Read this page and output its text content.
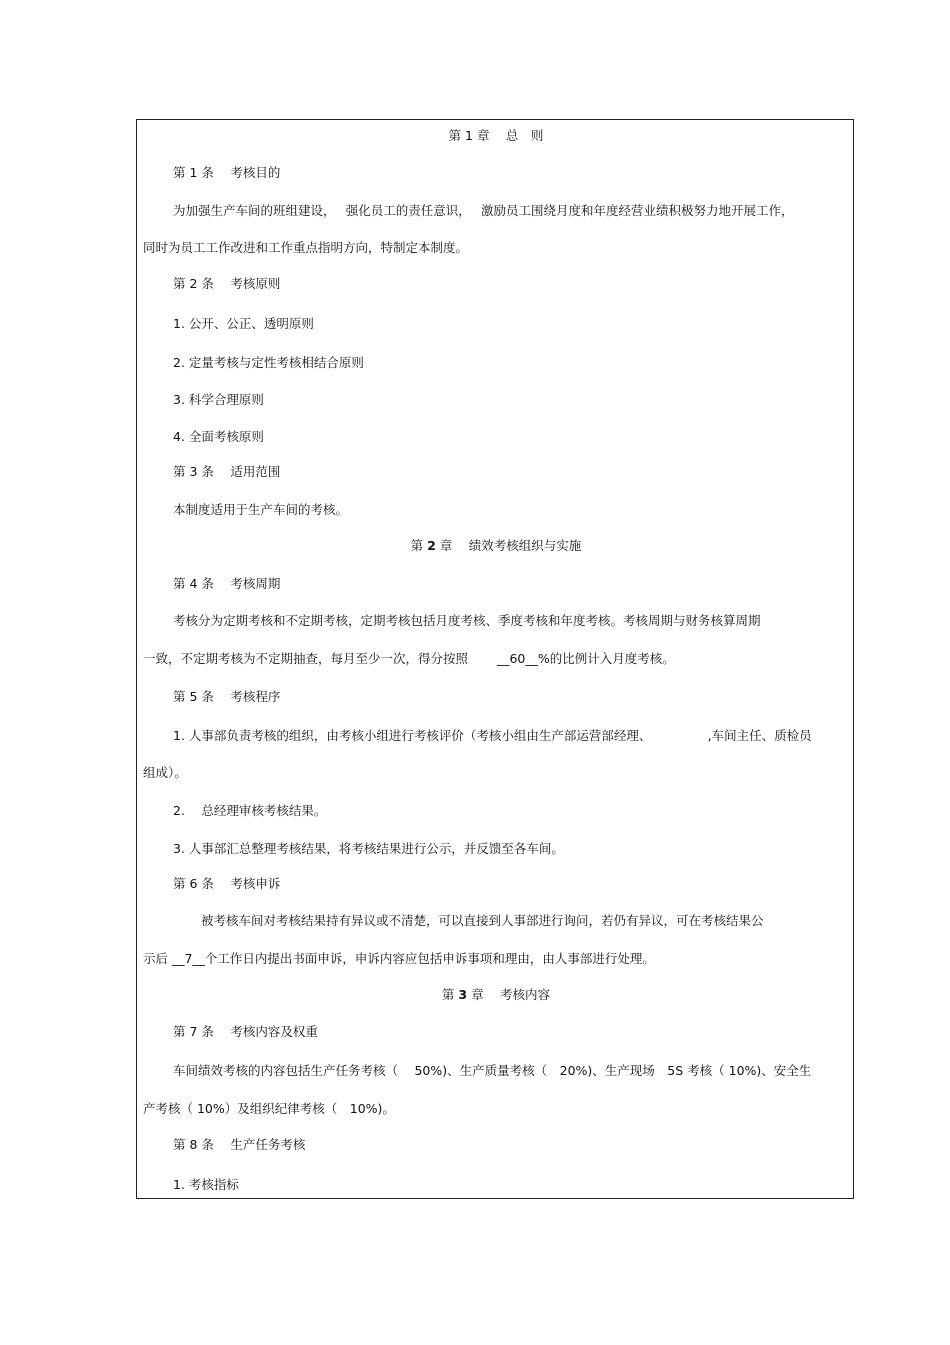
第 1 章　 总　则
第 1 条　 考核目的
为加强生产车间的班组建设，　 强化员工的责任意识，　 激励员工围绕月度和年度经营业绩积极努力地开展工作，
同时为员工工作改进和工作重点指明方向，特制定本制度。
第 2 条　 考核原则
1. 公开、公正、透明原则
2. 定量考核与定性考核相结合原则
3. 科学合理原则
4. 全面考核原则
第 3 条　 适用范围
本制度适用于生产车间的考核。
第 2 章　 绩效考核组织与实施
第 4 条　 考核周期
考核分为定期考核和不定期考核，定期考核包括月度考核、季度考核和年度考核。考核周期与财务核算周期
一致，不定期考核为不定期抽查，每月至少一次，得分按照　　 __60__%的比例计入月度考核。
第 5 条　 考核程序
1. 人事部负责考核的组织，由考核小组进行考核评价（考核小组由生产部运营部经理、　　　　　,车间主任、质检员
组成）。
2.　 总经理审核考核结果。
3. 人事部汇总整理考核结果，将考核结果进行公示，并反馈至各车间。
第 6 条　 考核申诉
被考核车间对考核结果持有异议或不清楚，可以直接到人事部进行询问，若仍有异议，可在考核结果公
示后 __7__个工作日内提出书面申诉，申诉内容应包括申诉事项和理由，由人事部进行处理。
第 3 章　 考核内容
第 7 条　 考核内容及权重
车间绩效考核的内容包括生产任务考核（　 50%)、生产质量考核（　20%)、生产现场　5S 考核（ 10%)、安全生
产考核（ 10%）及组织纪律考核（　10%)。
第 8 条　 生产任务考核
1. 考核指标
